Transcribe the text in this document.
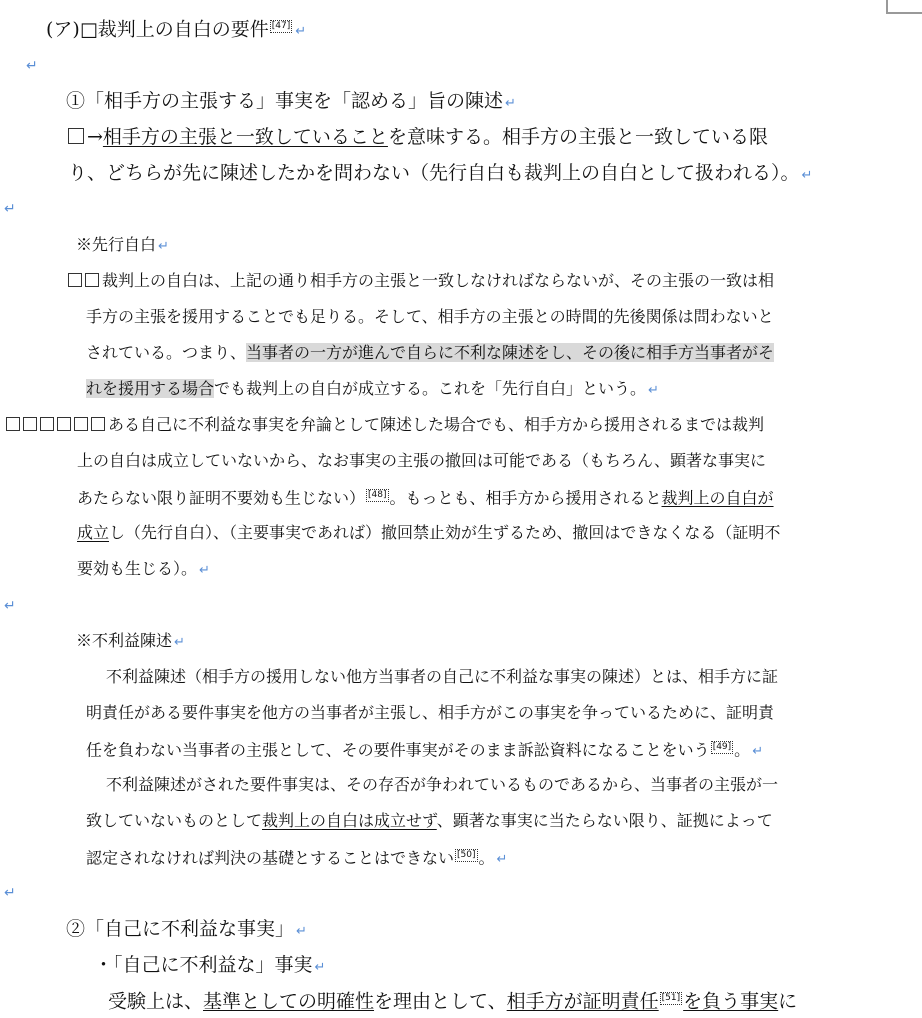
(ア)□裁判上の自白の要件 [47] ↵
↵
①「相手方の主張する」事実を「認める」旨の陳述 ↵
→相手方の主張と一致していることを意味する。相手方の主張と一致している限
り、どちらが先に陳述したかを問わない（先行自白も裁判上の自白として扱われる）。 ↵
↵
※先行自白 ↵
裁判上の自白は、上記の通り相手方の主張と一致しなければならないが、その主張の一致は相
手方の主張を援用することでも足りる。そして、相手方の主張との時間的先後関係は問わないと
されている。つまり、当事者の一方が進んで自らに不利な陳述をし、その後に相手方当事者がそ
れを援用する場合でも裁判上の自白が成立する。これを「先行自白」という。 ↵
ある自己に不利益な事実を弁論として陳述した場合でも、相手方から援用されるまでは裁判
上の自白は成立していないから、なお事実の主張の撤回は可能である（もちろん、顕著な事実に
あたらない限り証明不要効も生じない） [48] 。もっとも、相手方から援用されると裁判上の自白が
成立し（先行自白）、（主要事実であれば）撤回禁止効が生ずるため、撤回はできなくなる（証明不
要効も生じる）。 ↵
↵
※不利益陳述 ↵
不利益陳述（相手方の援用しない他方当事者の自己に不利益な事実の陳述）とは、相手方に証
明責任がある要件事実を他方の当事者が主張し、相手方がこの事実を争っているために、証明責
任を負わない当事者の主張として、その要件事実がそのまま訴訟資料になることをいう [49] 。 ↵
不利益陳述がされた要件事実は、その存否が争われているものであるから、当事者の主張が一
致していないものとして裁判上の自白は成立せず、顕著な事実に当たらない限り、証拠によって
認定されなければ判決の基礎とすることはできない [50] 。 ↵
↵
②「自己に不利益な事実」 ↵
・「自己に不利益な」事実 ↵
受験上は、基準としての明確性を理由として、相手方が証明責任 [51] を負う事実に
